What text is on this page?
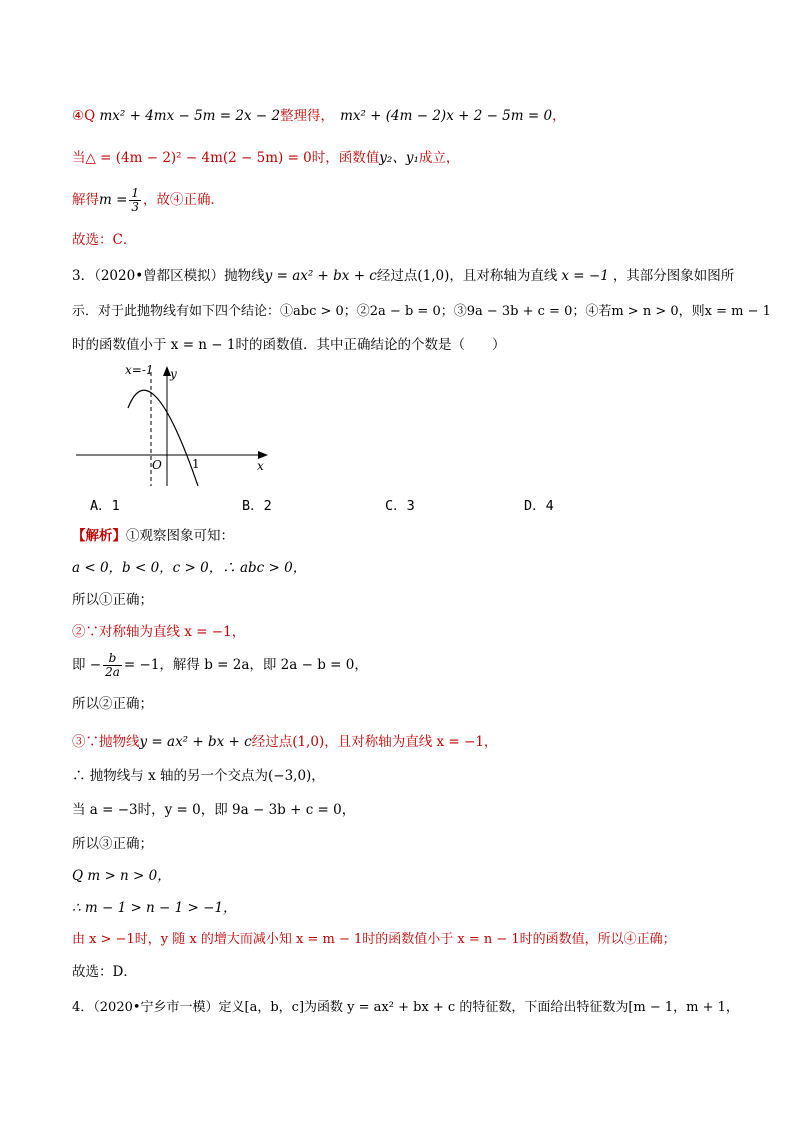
④Q mx² + 4mx − 5m = 2x − 2整理得， mx² + (4m − 2)x + 2 − 5m = 0，
当△ = (4m − 2)² − 4m(2 − 5m) = 0时，函数值y₂、y₁成立，
解得$m = \frac{1}{3}$ ，故④正确．
故选：C．
3．（2020•曾都区模拟）抛物线y = ax² + bx + c经过点(1,0)，且对称轴为直线 x = −1 ，其部分图象如图所
示．对于此抛物线有如下四个结论：①abc > 0；②2a − b = 0；③9a − 3b + c = 0；④若m > n > 0，则x = m − 1
时的函数值小于 x = n − 1时的函数值．其中正确结论的个数是（　　）
x=-1 y
x
O	1
A．1	B．2	C．3	D．4
【解析】①观察图象可知：
a < 0，b < 0，c > 0，∴ abc > 0，
所以①正确；
②∵对称轴为直线 x = −1，
即 − $\frac{b}{2a} = -1$，解得 b = 2a，即 2a − b = 0，
所以②正确；
③∵抛物线y = ax² + bx + c经过点(1,0)，且对称轴为直线 x = −1，
∴ 抛物线与 x 轴的另一个交点为(−3,0)，
当 a = −3时，y = 0，即 9a − 3b + c = 0，
所以③正确；
Q m > n > 0，
∴ m − 1 > n − 1 > −1，
由 x > −1时，y 随 x 的增大而减小知 x = m − 1时的函数值小于 x = n − 1时的函数值，所以④正确；
故选：D．
4．（2020•宁乡市一模）定义[a，b，c]为函数 y = ax² + bx + c 的特征数，下面给出特征数为[m − 1，m + 1，
